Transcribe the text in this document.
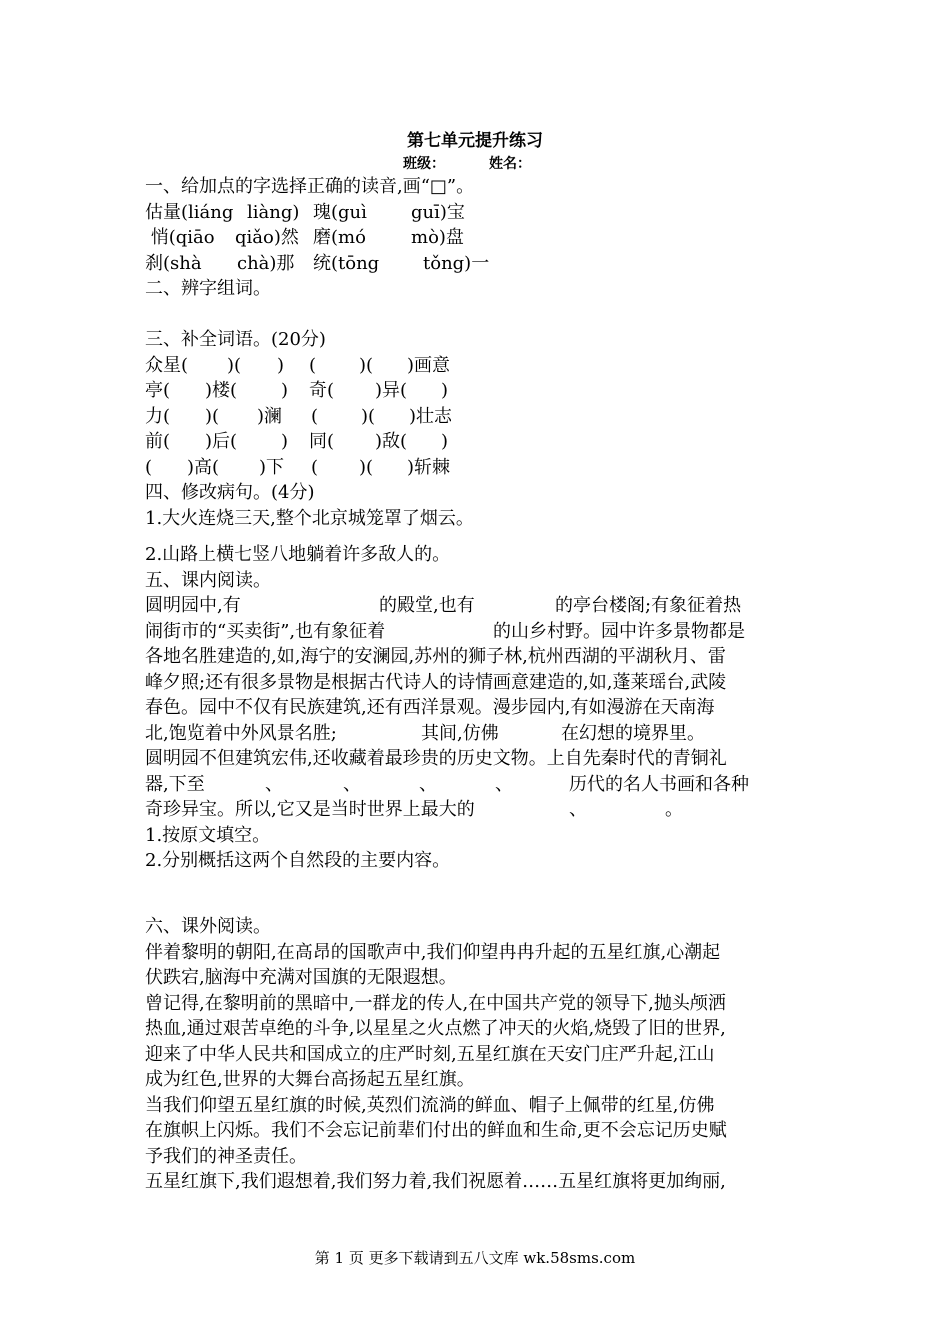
第七单元提升练习
班级：	姓名：
一、给加点的字选择正确的读音,画“□”。
估量(liáng liàng) 瑰(guì	guī)宝
悄(qiāo	qiǎo)然 磨(mó	mò)盘
刹(shà	chà)那	统(tōng	tǒng)一
二、辨字组词。
三、补全词语。(20分)
众星(	)(	)	(	)(	)画意
亭(	)楼(	)	奇(	)异(	)
力(	)(	)澜	(	)(	)壮志
前(	)后(	)	同(	)敌(	)
(	)高(	)下	(	)(	)斩棘
四、修改病句。(4分)
1.大火连烧三天,整个北京城笼罩了烟云。
2.山路上横七竖八地躺着许多敌人的。
五、课内阅读。
圆明园中,有	的殿堂,也有	的亭台楼阁;有象征着热
闹街市的“买卖街”,也有象征着	的山乡村野。园中许多景物都是
各地名胜建造的,如,海宁的安澜园,苏州的狮子林,杭州西湖的平湖秋月、雷
峰夕照;还有很多景物是根据古代诗人的诗情画意建造的,如,蓬莱瑶台,武陵
春色。园中不仅有民族建筑,还有西洋景观。漫步园内,有如漫游在天南海
北,饱览着中外风景名胜;	其间,仿佛	在幻想的境界里。
圆明园不但建筑宏伟,还收藏着最珍贵的历史文物。上自先秦时代的青铜礼
器,下至	、	、	、	、	历代的名人书画和各种
奇珍异宝。所以,它又是当时世界上最大的	、	。
1.按原文填空。
2.分别概括这两个自然段的主要内容。
六、课外阅读。
伴着黎明的朝阳,在高昂的国歌声中,我们仰望冉冉升起的五星红旗,心潮起
伏跌宕,脑海中充满对国旗的无限遐想。
曾记得,在黎明前的黑暗中,一群龙的传人,在中国共产党的领导下,抛头颅洒
热血,通过艰苦卓绝的斗争,以星星之火点燃了冲天的火焰,烧毁了旧的世界,
迎来了中华人民共和国成立的庄严时刻,五星红旗在天安门庄严升起,江山
成为红色,世界的大舞台高扬起五星红旗。
当我们仰望五星红旗的时候,英烈们流淌的鲜血、帽子上佩带的红星,仿佛
在旗帜上闪烁。我们不会忘记前辈们付出的鲜血和生命,更不会忘记历史赋
予我们的神圣责任。
五星红旗下,我们遐想着,我们努力着,我们祝愿着……五星红旗将更加绚丽,
第 1 页 更多下载请到五八文库 wk.58sms.com
